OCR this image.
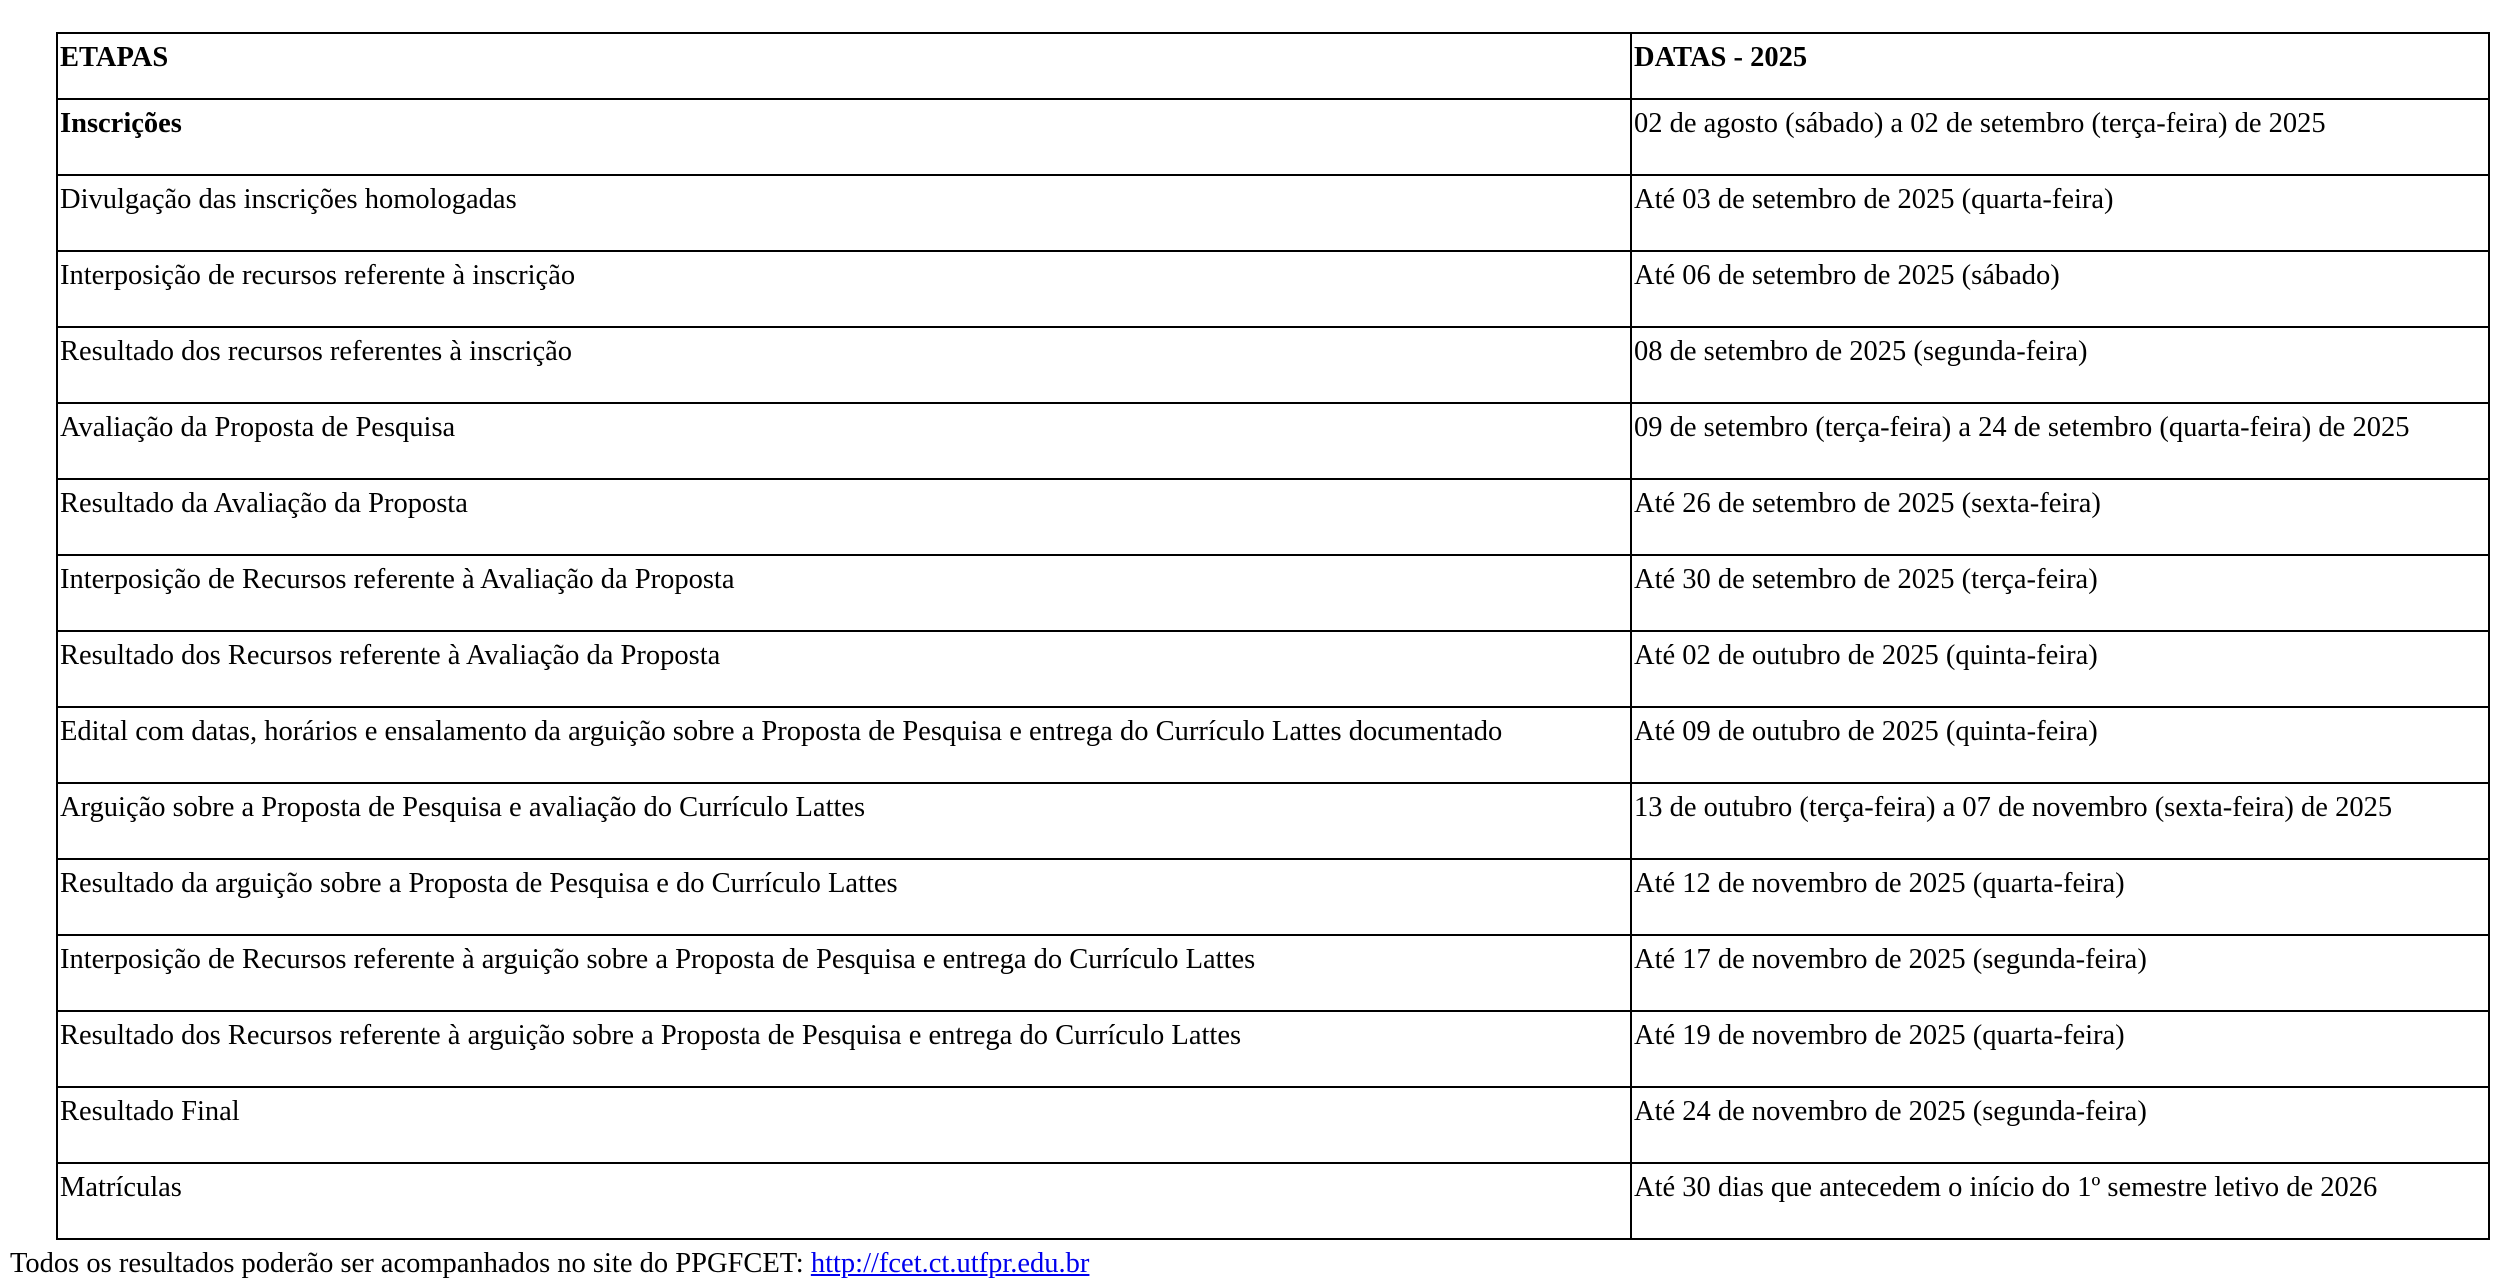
ETAPAS	DATAS - 2025
Inscrições	02 de agosto (sábado) a 02 de setembro (terça-feira) de 2025
Divulgação das inscrições homologadas	Até 03 de setembro de 2025 (quarta-feira)
Interposição de recursos referente à inscrição	Até 06 de setembro de 2025 (sábado)
Resultado dos recursos referentes à inscrição	08 de setembro de 2025 (segunda-feira)
Avaliação da Proposta de Pesquisa	09 de setembro (terça-feira) a 24 de setembro (quarta-feira) de 2025
Resultado da Avaliação da Proposta	Até 26 de setembro de 2025 (sexta-feira)
Interposição de Recursos referente à Avaliação da Proposta	Até 30 de setembro de 2025 (terça-feira)
Resultado dos Recursos referente à Avaliação da Proposta	Até 02 de outubro de 2025 (quinta-feira)
Edital com datas, horários e ensalamento da arguição sobre a Proposta de Pesquisa e entrega do Currículo Lattes documentado	Até 09 de outubro de 2025 (quinta-feira)
Arguição sobre a Proposta de Pesquisa e avaliação do Currículo Lattes	13 de outubro (terça-feira) a 07 de novembro (sexta-feira) de 2025
Resultado da arguição sobre a Proposta de Pesquisa e do Currículo Lattes	Até 12 de novembro de 2025 (quarta-feira)
Interposição de Recursos referente à arguição sobre a Proposta de Pesquisa e entrega do Currículo Lattes	Até 17 de novembro de 2025 (segunda-feira)
Resultado dos Recursos referente à arguição sobre a Proposta de Pesquisa e entrega do Currículo Lattes	Até 19 de novembro de 2025 (quarta-feira)
Resultado Final	Até 24 de novembro de 2025 (segunda-feira)
Matrículas	Até 30 dias que antecedem o início do 1º semestre letivo de 2026
Todos os resultados poderão ser acompanhados no site do PPGFCET: http://fcet.ct.utfpr.edu.br
